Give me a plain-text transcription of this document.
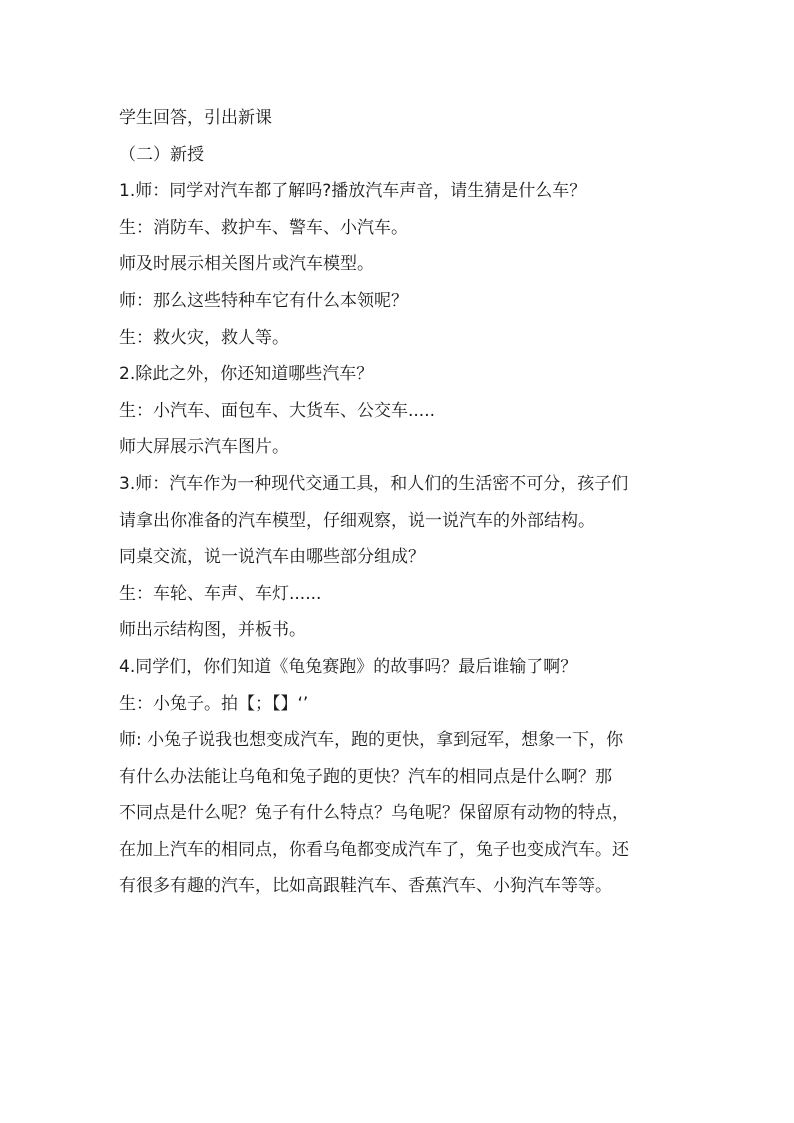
学生回答，引出新课
（二）新授
1.师：同学对汽车都了解吗?播放汽车声音，请生猜是什么车？
生：消防车、救护车、警车、小汽车。
师及时展示相关图片或汽车模型。
师：那么这些特种车它有什么本领呢？
生：救火灾，救人等。
2.除此之外，你还知道哪些汽车？
生：小汽车、面包车、大货车、公交车.....
师大屏展示汽车图片。
3.师：汽车作为一种现代交通工具，和人们的生活密不可分，孩子们
请拿出你准备的汽车模型，仔细观察，说一说汽车的外部结构。
同桌交流，说一说汽车由哪些部分组成？
生：车轮、车声、车灯......
师出示结构图，并板书。
4.同学们，你们知道《龟兔赛跑》的故事吗？最后谁输了啊？
生：小兔子。拍【；【】‘’
师: 小兔子说我也想变成汽车，跑的更快，拿到冠军，想象一下，你
有什么办法能让乌龟和兔子跑的更快？汽车的相同点是什么啊？那
不同点是什么呢？兔子有什么特点？乌龟呢？保留原有动物的特点，
在加上汽车的相同点，你看乌龟都变成汽车了，兔子也变成汽车。还
有很多有趣的汽车，比如高跟鞋汽车、香蕉汽车、小狗汽车等等。
